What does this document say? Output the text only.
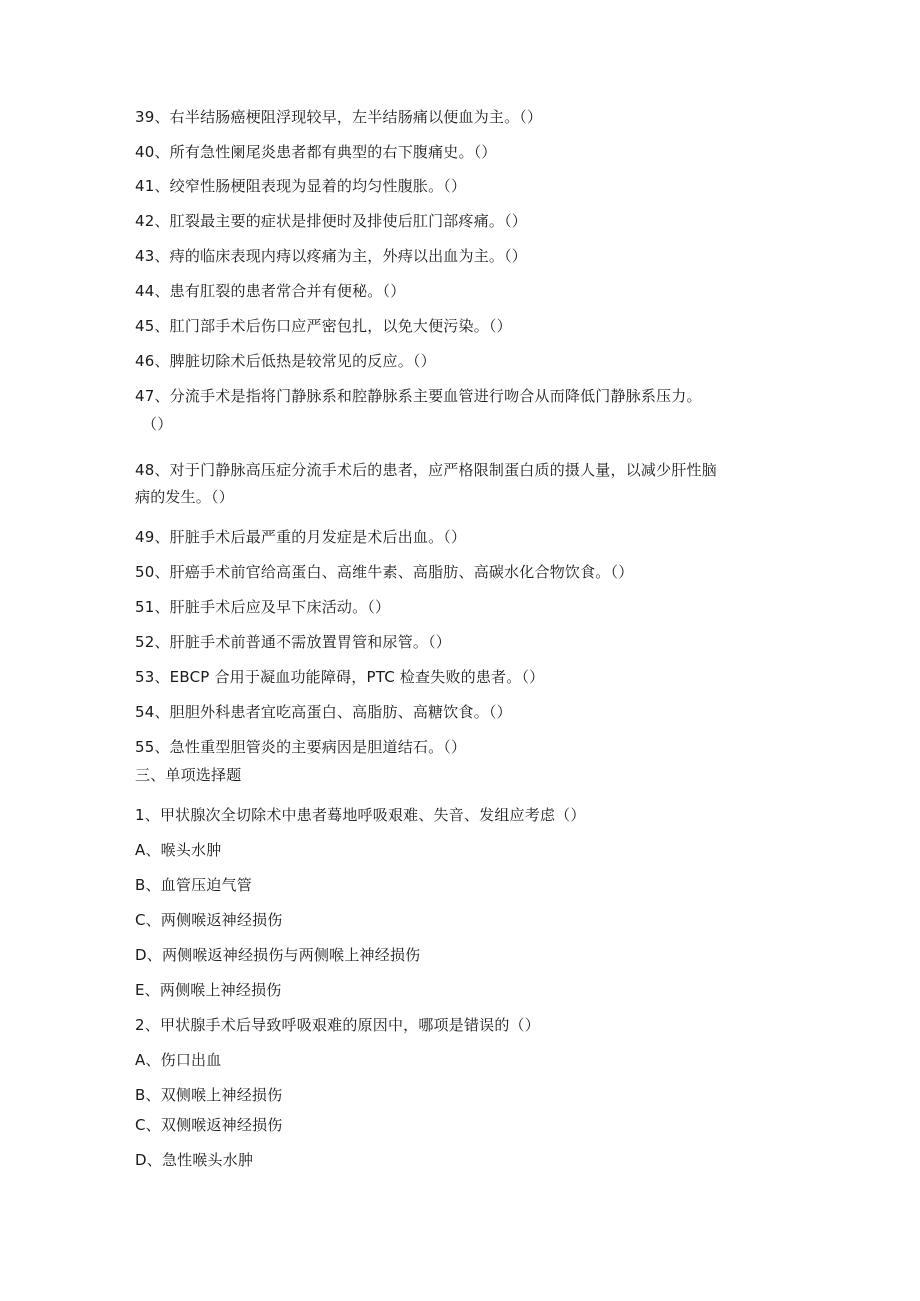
39、右半结肠癌梗阻浮现较早，左半结肠痛以便血为主。（）
40、所有急性阑尾炎患者都有典型的右下腹痛史。（）
41、绞窄性肠梗阻表现为显着的均匀性腹胀。（）
42、肛裂最主要的症状是排便时及排使后肛门部疼痛。（）
43、痔的临床表现内痔以疼痛为主，外痔以出血为主。（）
44、患有肛裂的患者常合并有便秘。（）
45、肛门部手术后伤口应严密包扎，以免大便污染。（）
46、脾脏切除术后低热是较常见的反应。（）
47、分流手术是指将门静脉系和腔静脉系主要血管进行吻合从而降低门静脉系压力。
（）
48、对于门静脉高压症分流手术后的患者，应严格限制蛋白质的摄人量，以减少肝性脑
病的发生。（）
49、肝脏手术后最严重的月发症是术后出血。（）
50、肝癌手术前官给高蛋白、高维牛素、高脂肪、高碳水化合物饮食。（）
51、肝脏手术后应及早下床活动。（）
52、肝脏手术前普通不需放置胃管和尿管。（）
53、EBCP 合用于凝血功能障碍，PTC 检查失败的患者。（）
54、胆胆外科患者宜吃高蛋白、高脂肪、高糖饮食。（）
55、急性重型胆管炎的主要病因是胆道结石。（）
三、单项选择题
1、甲状腺次全切除术中患者蓦地呼吸艰难、失音、发组应考虑（）
A、喉头水肿
B、血管压迫气管
C、两侧喉返神经损伤
D、两侧喉返神经损伤与两侧喉上神经损伤
E、两侧喉上神经损伤
2、甲状腺手术后导致呼吸艰难的原因中，哪项是错误的（）
A、伤口出血
B、双侧喉上神经损伤
C、双侧喉返神经损伤
D、急性喉头水肿
